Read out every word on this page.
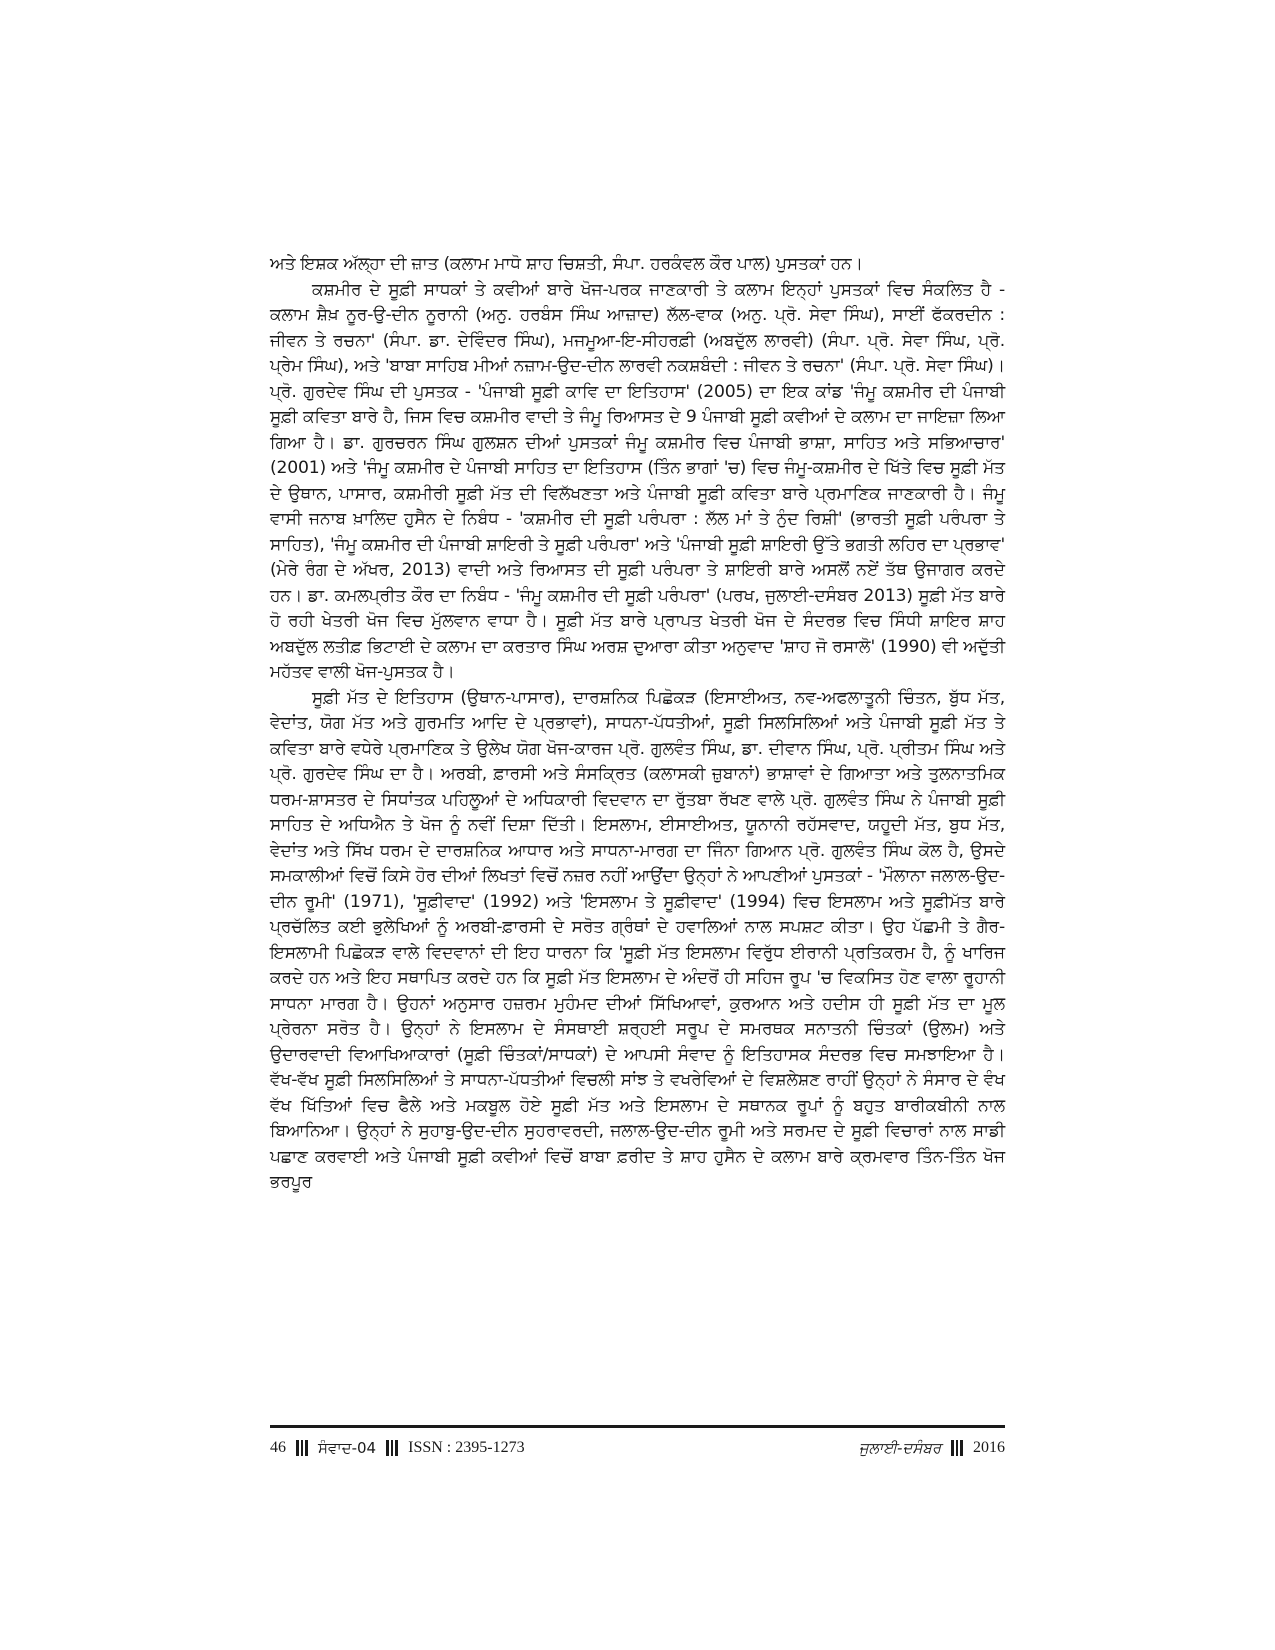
ਅਤੇ ਇਸ਼ਕ ਅੱਲ੍ਹਾ ਦੀ ਜ਼ਾਤ (ਕਲਾਮ ਮਾਧੋ ਸ਼ਾਹ ਚਿਸ਼ਤੀ, ਸੰਪਾ. ਹਰਕੰਵਲ ਕੌਰ ਪਾਲ) ਪੁਸਤਕਾਂ ਹਨ।

ਕਸ਼ਮੀਰ ਦੇ ਸੂਫ਼ੀ ਸਾਧਕਾਂ ਤੇ ਕਵੀਆਂ ਬਾਰੇ ਖੋਜ-ਪਰਕ ਜਾਣਕਾਰੀ ਤੇ ਕਲਾਮ ਇਨ੍ਹਾਂ ਪੁਸਤਕਾਂ ਵਿਚ ਸੰਕਲਿਤ ਹੈ - ਕਲਾਮ ਸ਼ੈਖ਼ ਨੂਰ-ਉ-ਦੀਨ ਨੂਰਾਨੀ (ਅਨੁ. ਹਰਬੰਸ ਸਿੰਘ ਆਜ਼ਾਦ) ਲੱਲ-ਵਾਕ (ਅਨੁ. ਪ੍ਰੋ. ਸੇਵਾ ਸਿੰਘ), ਸਾਈਂ ਫੱਕਰਦੀਨ : ਜੀਵਨ ਤੇ ਰਚਨਾ' (ਸੰਪਾ. ਡਾ. ਦੇਵਿੰਦਰ ਸਿੰਘ), ਮਜਮੂਆ-ਇ-ਸੀਹਰਫ਼ੀ (ਅਬਦੁੱਲ ਲਾਰਵੀ) (ਸੰਪਾ. ਪ੍ਰੋ. ਸੇਵਾ ਸਿੰਘ, ਪ੍ਰੋ. ਪ੍ਰੇਮ ਸਿੰਘ), ਅਤੇ 'ਬਾਬਾ ਸਾਹਿਬ ਮੀਆਂ ਨਜ਼ਾਮ-ਉਦ-ਦੀਨ ਲਾਰਵੀ ਨਕਸ਼ਬੰਦੀ : ਜੀਵਨ ਤੇ ਰਚਨਾ' (ਸੰਪਾ. ਪ੍ਰੋ. ਸੇਵਾ ਸਿੰਘ)। ਪ੍ਰੋ. ਗੁਰਦੇਵ ਸਿੰਘ ਦੀ ਪੁਸਤਕ - 'ਪੰਜਾਬੀ ਸੂਫ਼ੀ ਕਾਵਿ ਦਾ ਇਤਿਹਾਸ' (2005) ਦਾ ਇਕ ਕਾਂਡ 'ਜੰਮੂ ਕਸ਼ਮੀਰ ਦੀ ਪੰਜਾਬੀ ਸੂਫ਼ੀ ਕਵਿਤਾ ਬਾਰੇ ਹੈ, ਜਿਸ ਵਿਚ ਕਸ਼ਮੀਰ ਵਾਦੀ ਤੇ ਜੰਮੂ ਰਿਆਸਤ ਦੇ 9 ਪੰਜਾਬੀ ਸੂਫ਼ੀ ਕਵੀਆਂ ਦੇ ਕਲਾਮ ਦਾ ਜਾਇਜ਼ਾ ਲਿਆ ਗਿਆ ਹੈ। ਡਾ. ਗੁਰਚਰਨ ਸਿੰਘ ਗੁਲਸ਼ਨ ਦੀਆਂ ਪੁਸਤਕਾਂ ਜੰਮੂ ਕਸ਼ਮੀਰ ਵਿਚ ਪੰਜਾਬੀ ਭਾਸ਼ਾ, ਸਾਹਿਤ ਅਤੇ ਸਭਿਆਚਾਰ' (2001) ਅਤੇ 'ਜੰਮੂ ਕਸ਼ਮੀਰ ਦੇ ਪੰਜਾਬੀ ਸਾਹਿਤ ਦਾ ਇਤਿਹਾਸ (ਤਿੰਨ ਭਾਗਾਂ 'ਚ) ਵਿਚ ਜੰਮੂ-ਕਸ਼ਮੀਰ ਦੇ ਖਿੱਤੇ ਵਿਚ ਸੂਫ਼ੀ ਮੱਤ ਦੇ ਉਥਾਨ, ਪਾਸਾਰ, ਕਸ਼ਮੀਰੀ ਸੂਫ਼ੀ ਮੱਤ ਦੀ ਵਿਲੱਖਣਤਾ ਅਤੇ ਪੰਜਾਬੀ ਸੂਫ਼ੀ ਕਵਿਤਾ ਬਾਰੇ ਪ੍ਰਮਾਣਿਕ ਜਾਣਕਾਰੀ ਹੈ। ਜੰਮੂ ਵਾਸੀ ਜਨਾਬ ਖ਼ਾਲਿਦ ਹੁਸੈਨ ਦੇ ਨਿਬੰਧ - 'ਕਸ਼ਮੀਰ ਦੀ ਸੂਫ਼ੀ ਪਰੰਪਰਾ : ਲੱਲ ਮਾਂ ਤੇ ਨੁੰਦ ਰਿਸ਼ੀ' (ਭਾਰਤੀ ਸੂਫ਼ੀ ਪਰੰਪਰਾ ਤੇ ਸਾਹਿਤ), 'ਜੰਮੂ ਕਸ਼ਮੀਰ ਦੀ ਪੰਜਾਬੀ ਸ਼ਾਇਰੀ ਤੇ ਸੂਫ਼ੀ ਪਰੰਪਰਾ' ਅਤੇ 'ਪੰਜਾਬੀ ਸੂਫ਼ੀ ਸ਼ਾਇਰੀ ਉੱਤੇ ਭਗਤੀ ਲਹਿਰ ਦਾ ਪ੍ਰਭਾਵ' (ਮੇਰੇ ਰੰਗ ਦੇ ਅੱਖਰ, 2013) ਵਾਦੀ ਅਤੇ ਰਿਆਸਤ ਦੀ ਸੂਫ਼ੀ ਪਰੰਪਰਾ ਤੇ ਸ਼ਾਇਰੀ ਬਾਰੇ ਅਸਲੋਂ ਨਏਂ ਤੱਥ ਉਜਾਗਰ ਕਰਦੇ ਹਨ। ਡਾ. ਕਮਲਪ੍ਰੀਤ ਕੌਰ ਦਾ ਨਿਬੰਧ - 'ਜੰਮੂ ਕਸ਼ਮੀਰ ਦੀ ਸੂਫ਼ੀ ਪਰੰਪਰਾ' (ਪਰਖ, ਜੁਲਾਈ-ਦਸੰਬਰ 2013) ਸੂਫ਼ੀ ਮੱਤ ਬਾਰੇ ਹੋ ਰਹੀ ਖੇਤਰੀ ਖੋਜ ਵਿਚ ਮੁੱਲਵਾਨ ਵਾਧਾ ਹੈ। ਸੂਫ਼ੀ ਮੱਤ ਬਾਰੇ ਪ੍ਰਾਪਤ ਖੇਤਰੀ ਖੋਜ ਦੇ ਸੰਦਰਭ ਵਿਚ ਸਿੰਧੀ ਸ਼ਾਇਰ ਸ਼ਾਹ ਅਬਦੁੱਲ ਲਤੀਫ਼ ਭਿਟਾਈ ਦੇ ਕਲਾਮ ਦਾ ਕਰਤਾਰ ਸਿੰਘ ਅਰਸ਼ ਦੁਆਰਾ ਕੀਤਾ ਅਨੁਵਾਦ 'ਸ਼ਾਹ ਜੋ ਰਸਾਲੋ' (1990) ਵੀ ਅਦੁੱਤੀ ਮਹੱਤਵ ਵਾਲੀ ਖੋਜ-ਪੁਸਤਕ ਹੈ।

ਸੂਫ਼ੀ ਮੱਤ ਦੇ ਇਤਿਹਾਸ (ਉਥਾਨ-ਪਾਸਾਰ), ਦਾਰਸ਼ਨਿਕ ਪਿਛੋਕੜ (ਇਸਾਈਅਤ, ਨਵ-ਅਫਲਾਤੂਨੀ ਚਿੰਤਨ, ਬੁੱਧ ਮੱਤ, ਵੇਦਾਂਤ, ਯੋਗ ਮੱਤ ਅਤੇ ਗੁਰਮਤਿ ਆਦਿ ਦੇ ਪ੍ਰਭਾਵਾਂ), ਸਾਧਨਾ-ਪੱਧਤੀਆਂ, ਸੂਫ਼ੀ ਸਿਲਸਿਲਿਆਂ ਅਤੇ ਪੰਜਾਬੀ ਸੂਫ਼ੀ ਮੱਤ ਤੇ ਕਵਿਤਾ ਬਾਰੇ ਵਧੇਰੇ ਪ੍ਰਮਾਣਿਕ ਤੇ ਉਲੇਖ ਯੋਗ ਖੋਜ-ਕਾਰਜ ਪ੍ਰੋ. ਗੁਲਵੰਤ ਸਿੰਘ, ਡਾ. ਦੀਵਾਨ ਸਿੰਘ, ਪ੍ਰੋ. ਪ੍ਰੀਤਮ ਸਿੰਘ ਅਤੇ ਪ੍ਰੋ. ਗੁਰਦੇਵ ਸਿੰਘ ਦਾ ਹੈ। ਅਰਬੀ, ਫ਼ਾਰਸੀ ਅਤੇ ਸੰਸਕ੍ਰਿਤ (ਕਲਾਸਕੀ ਜ਼ੁਬਾਨਾਂ) ਭਾਸ਼ਾਵਾਂ ਦੇ ਗਿਆਤਾ ਅਤੇ ਤੁਲਨਾਤਮਿਕ ਧਰਮ-ਸ਼ਾਸਤਰ ਦੇ ਸਿਧਾਂਤਕ ਪਹਿਲੂਆਂ ਦੇ ਅਧਿਕਾਰੀ ਵਿਦਵਾਨ ਦਾ ਰੁੱਤਬਾ ਰੱਖਣ ਵਾਲੇ ਪ੍ਰੋ. ਗੁਲਵੰਤ ਸਿੰਘ ਨੇ ਪੰਜਾਬੀ ਸੂਫ਼ੀ ਸਾਹਿਤ ਦੇ ਅਧਿਐਨ ਤੇ ਖੋਜ ਨੂੰ ਨਵੀਂ ਦਿਸ਼ਾ ਦਿੱਤੀ। ਇਸਲਾਮ, ਈਸਾਈਅਤ, ਯੂਨਾਨੀ ਰਹੱਸਵਾਦ, ਯਹੂਦੀ ਮੱਤ, ਬੁਧ ਮੱਤ, ਵੇਦਾਂਤ ਅਤੇ ਸਿੱਖ ਧਰਮ ਦੇ ਦਾਰਸ਼ਨਿਕ ਆਧਾਰ ਅਤੇ ਸਾਧਨਾ-ਮਾਰਗ ਦਾ ਜਿੰਨਾ ਗਿਆਨ ਪ੍ਰੋ. ਗੁਲਵੰਤ ਸਿੰਘ ਕੋਲ ਹੈ, ਉਸਦੇ ਸਮਕਾਲੀਆਂ ਵਿਚੋਂ ਕਿਸੇ ਹੋਰ ਦੀਆਂ ਲਿਖਤਾਂ ਵਿਚੋਂ ਨਜ਼ਰ ਨਹੀਂ ਆਉਂਦਾ ਉਨ੍ਹਾਂ ਨੇ ਆਪਣੀਆਂ ਪੁਸਤਕਾਂ - 'ਮੌਲਾਨਾ ਜਲਾਲ-ਉਦ-ਦੀਨ ਰੂਮੀ' (1971), 'ਸੂਫ਼ੀਵਾਦ' (1992) ਅਤੇ 'ਇਸਲਾਮ ਤੇ ਸੂਫ਼ੀਵਾਦ' (1994) ਵਿਚ ਇਸਲਾਮ ਅਤੇ ਸੂਫ਼ੀਮੱਤ ਬਾਰੇ ਪ੍ਰਚੱਲਿਤ ਕਈ ਭੁਲੇਖਿਆਂ ਨੂੰ ਅਰਬੀ-ਫ਼ਾਰਸੀ ਦੇ ਸਰੋਤ ਗ੍ਰੰਥਾਂ ਦੇ ਹਵਾਲਿਆਂ ਨਾਲ ਸਪਸ਼ਟ ਕੀਤਾ। ਉਹ ਪੱਛਮੀ ਤੇ ਗੈਰ-ਇਸਲਾਮੀ ਪਿਛੋਕੜ ਵਾਲੇ ਵਿਦਵਾਨਾਂ ਦੀ ਇਹ ਧਾਰਨਾ ਕਿ 'ਸੂਫ਼ੀ ਮੱਤ ਇਸਲਾਮ ਵਿਰੁੱਧ ਈਰਾਨੀ ਪ੍ਰਤਿਕਰਮ ਹੈ, ਨੂੰ ਖਾਰਿਜ ਕਰਦੇ ਹਨ ਅਤੇ ਇਹ ਸਥਾਪਿਤ ਕਰਦੇ ਹਨ ਕਿ ਸੂਫ਼ੀ ਮੱਤ ਇਸਲਾਮ ਦੇ ਅੰਦਰੋਂ ਹੀ ਸਹਿਜ ਰੂਪ 'ਚ ਵਿਕਸਿਤ ਹੋਣ ਵਾਲਾ ਰੂਹਾਨੀ ਸਾਧਨਾ ਮਾਰਗ ਹੈ। ਉਹਨਾਂ ਅਨੁਸਾਰ ਹਜ਼ਰਮ ਮੁਹੰਮਦ ਦੀਆਂ ਸਿੱਖਿਆਵਾਂ, ਕੁਰਆਨ ਅਤੇ ਹਦੀਸ ਹੀ ਸੂਫ਼ੀ ਮੱਤ ਦਾ ਮੂਲ ਪ੍ਰੇਰਨਾ ਸਰੋਤ ਹੈ। ਉਨ੍ਹਾਂ ਨੇ ਇਸਲਾਮ ਦੇ ਸੰਸਥਾਈ ਸ਼ਰ੍ਹਈ ਸਰੂਪ ਦੇ ਸਮਰਥਕ ਸਨਾਤਨੀ ਚਿੰਤਕਾਂ (ਉਲਮ) ਅਤੇ ਉਦਾਰਵਾਦੀ ਵਿਆਖਿਆਕਾਰਾਂ (ਸੂਫ਼ੀ ਚਿੰਤਕਾਂ/ਸਾਧਕਾਂ) ਦੇ ਆਪਸੀ ਸੰਵਾਦ ਨੂੰ ਇਤਿਹਾਸਕ ਸੰਦਰਭ ਵਿਚ ਸਮਝਾਇਆ ਹੈ। ਵੱਖ-ਵੱਖ ਸੂਫ਼ੀ ਸਿਲਸਿਲਿਆਂ ਤੇ ਸਾਧਨਾ-ਪੱਧਤੀਆਂ ਵਿਚਲੀ ਸਾਂਝ ਤੇ ਵਖਰੇਵਿਆਂ ਦੇ ਵਿਸ਼ਲੇਸ਼ਣ ਰਾਹੀਂ ਉਨ੍ਹਾਂ ਨੇ ਸੰਸਾਰ ਦੇ ਵੰਖ ਵੱਖ ਖਿੱਤਿਆਂ ਵਿਚ ਫੈਲੇ ਅਤੇ ਮਕਬੂਲ ਹੋਏ ਸੂਫ਼ੀ ਮੱਤ ਅਤੇ ਇਸਲਾਮ ਦੇ ਸਥਾਨਕ ਰੂਪਾਂ ਨੂੰ ਬਹੁਤ ਬਾਰੀਕਬੀਨੀ ਨਾਲ ਬਿਆਨਿਆ। ਉਨ੍ਹਾਂ ਨੇ ਸੁਹਾਬੁ-ਉਦ-ਦੀਨ ਸੁਹਰਾਵਰਦੀ, ਜਲਾਲ-ਉਦ-ਦੀਨ ਰੂਮੀ ਅਤੇ ਸਰਮਦ ਦੇ ਸੂਫ਼ੀ ਵਿਚਾਰਾਂ ਨਾਲ ਸਾਡੀ ਪਛਾਣ ਕਰਵਾਈ ਅਤੇ ਪੰਜਾਬੀ ਸੂਫ਼ੀ ਕਵੀਆਂ ਵਿਚੋਂ ਬਾਬਾ ਫ਼ਰੀਦ ਤੇ ਸ਼ਾਹ ਹੁਸੈਨ ਦੇ ਕਲਾਮ ਬਾਰੇ ਕ੍ਰਮਵਾਰ ਤਿੰਨ-ਤਿੰਨ ਖੋਜ ਭਰਪੂਰ

46 ਸੰਵਾਦ-04 ISSN : 2395-1273	ਜੁਲਾਈ-ਦਸੰਬਰ 2016
